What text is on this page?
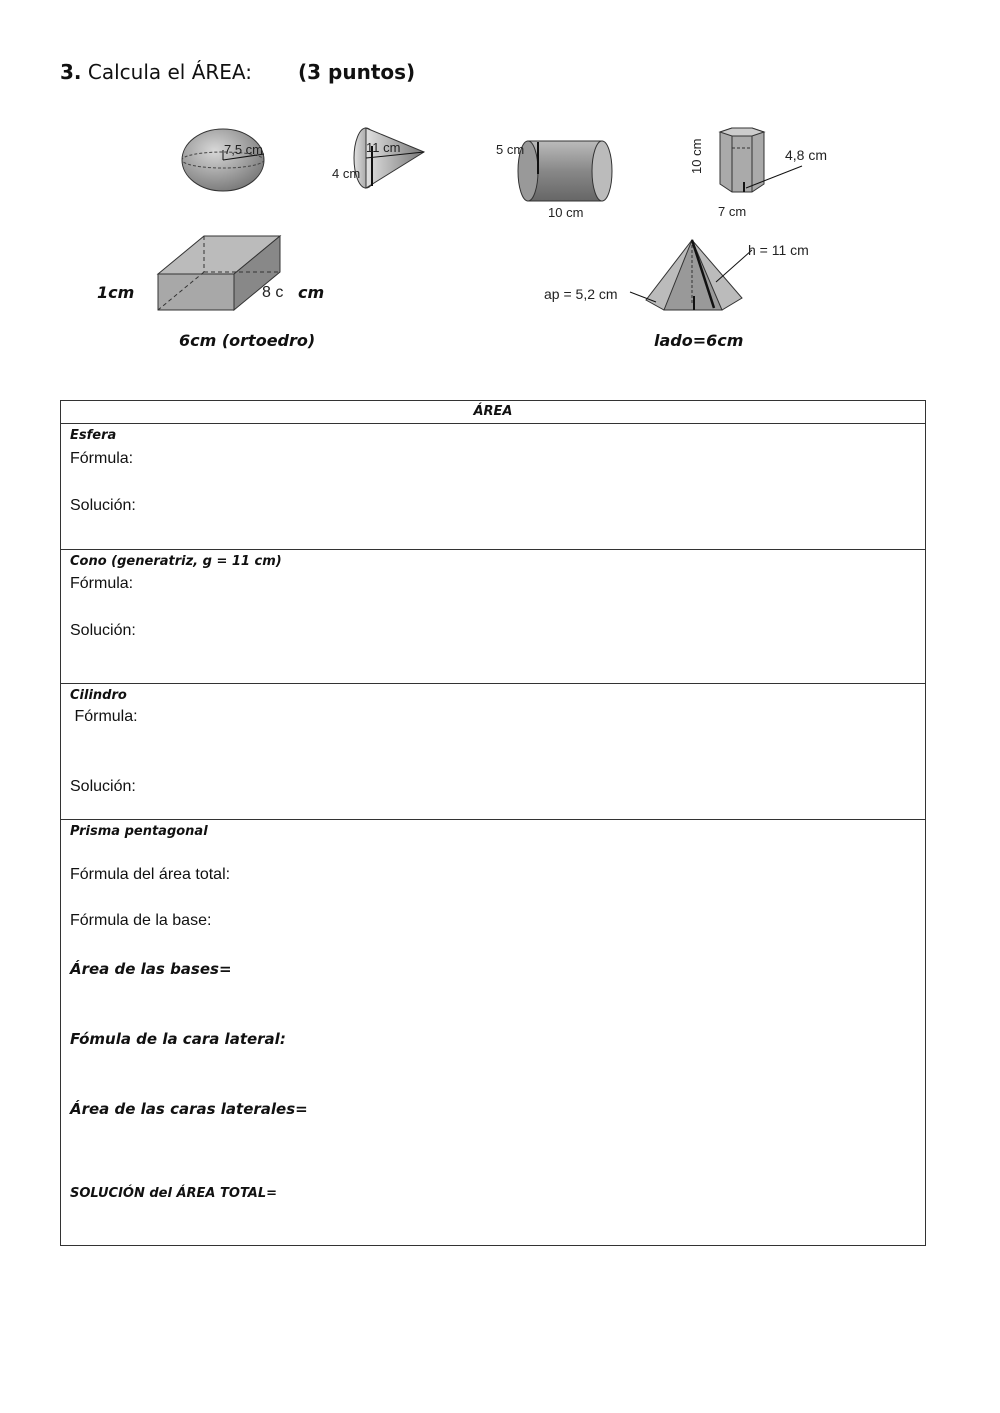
3. Calcula el ÁREA: (3 puntos)
7,5 cm	11 cm
4 cm
5 cm
10 cm
10 cm	4,8 cm
7 cm
1cm	8 c cm
6cm (ortoedro)
h = 11 cm
ap = 5,2 cm
lado=6cm
ÁREA
Esfera
Fórmula:
Solución:
Cono (generatriz, g = 11 cm)
Fórmula:
Solución:
Cilindro
Fórmula:
Solución:
Prisma pentagonal
Fórmula del área total:
Fórmula de la base:
Área de las bases=
Fómula de la cara lateral:
Área de las caras laterales=
SOLUCIÓN del ÁREA TOTAL=
